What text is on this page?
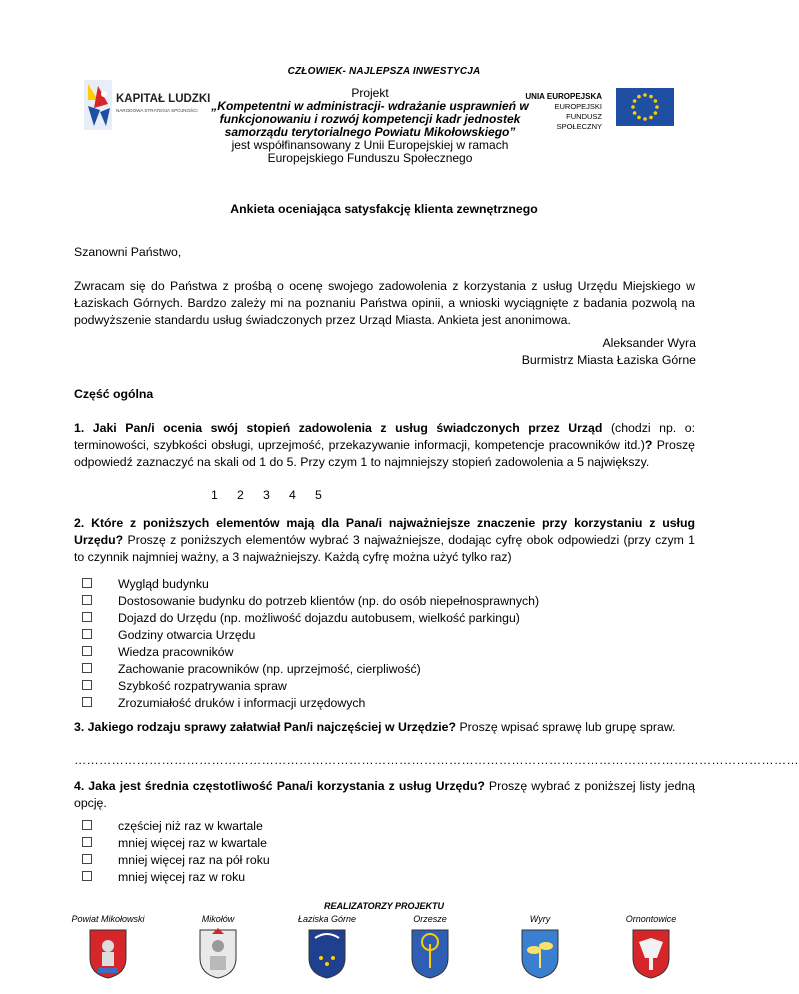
CZŁOWIEK- NAJLEPSZA INWESTYCJA
KAPITAŁ LUDZKI
NARODOWA STRATEGIA SPÓJNOŚCI
Projekt
„Kompetentni w administracji- wdrażanie usprawnień w funkcjonowaniu i rozwój kompetencji kadr jednostek samorządu terytorialnego Powiatu Mikołowskiego”
jest współfinansowany z Unii Europejskiej w ramach Europejskiego Funduszu Społecznego
UNIA EUROPEJSKA
EUROPEJSKI
FUNDUSZ SPOŁECZNY
Ankieta oceniająca satysfakcję klienta zewnętrznego
Szanowni Państwo,
Zwracam się do Państwa z prośbą o ocenę swojego zadowolenia z korzystania z usług Urzędu Miejskiego w Łaziskach Górnych. Bardzo zależy mi na poznaniu Państwa opinii, a wnioski wyciągnięte z badania pozwolą na podwyższenie standardu usług świadczonych przez Urząd Miasta. Ankieta jest anonimowa.
Aleksander Wyra
Burmistrz Miasta Łaziska Górne
Część ogólna
1. Jaki Pan/i ocenia swój stopień zadowolenia z usług świadczonych przez Urząd (chodzi np. o: terminowości, szybkości obsługi, uprzejmość, przekazywanie informacji, kompetencje pracowników itd.)? Proszę odpowiedź zaznaczyć na skali od 1 do 5. Przy czym 1 to najmniejszy stopień zadowolenia a 5 największy.
1 2 3 4 5
2. Które z poniższych elementów mają dla Pana/i najważniejsze znaczenie przy korzystaniu z usług Urzędu? Proszę z poniższych elementów wybrać 3 najważniejsze, dodając cyfrę obok odpowiedzi (przy czym 1 to czynnik najmniej ważny, a 3 najważniejszy. Każdą cyfrę można użyć tylko raz)
Wygląd budynku
Dostosowanie budynku do potrzeb klientów (np. do osób niepełnosprawnych)
Dojazd do Urzędu (np. możliwość dojazdu autobusem, wielkość parkingu)
Godziny otwarcia Urzędu
Wiedza pracowników
Zachowanie pracowników (np. uprzejmość, cierpliwość)
Szybkość rozpatrywania spraw
Zrozumiałość druków i informacji urzędowych
3. Jakiego rodzaju sprawy załatwiał Pan/i najczęściej w Urzędzie? Proszę wpisać sprawę lub grupę spraw.
…………………………………………………………………………………………………………………………………………………………
4. Jaka jest średnia częstotliwość Pana/i korzystania z usług Urzędu? Proszę wybrać z poniższej listy jedną opcję.
częściej niż raz w kwartale
mniej więcej raz w kwartale
mniej więcej raz na pół roku
mniej więcej raz w roku
REALIZATORZY PROJEKTU
Powiat Mikołowski	Mikołów	Łaziska Górne	Orzesze	Wyry	Ornontowice
